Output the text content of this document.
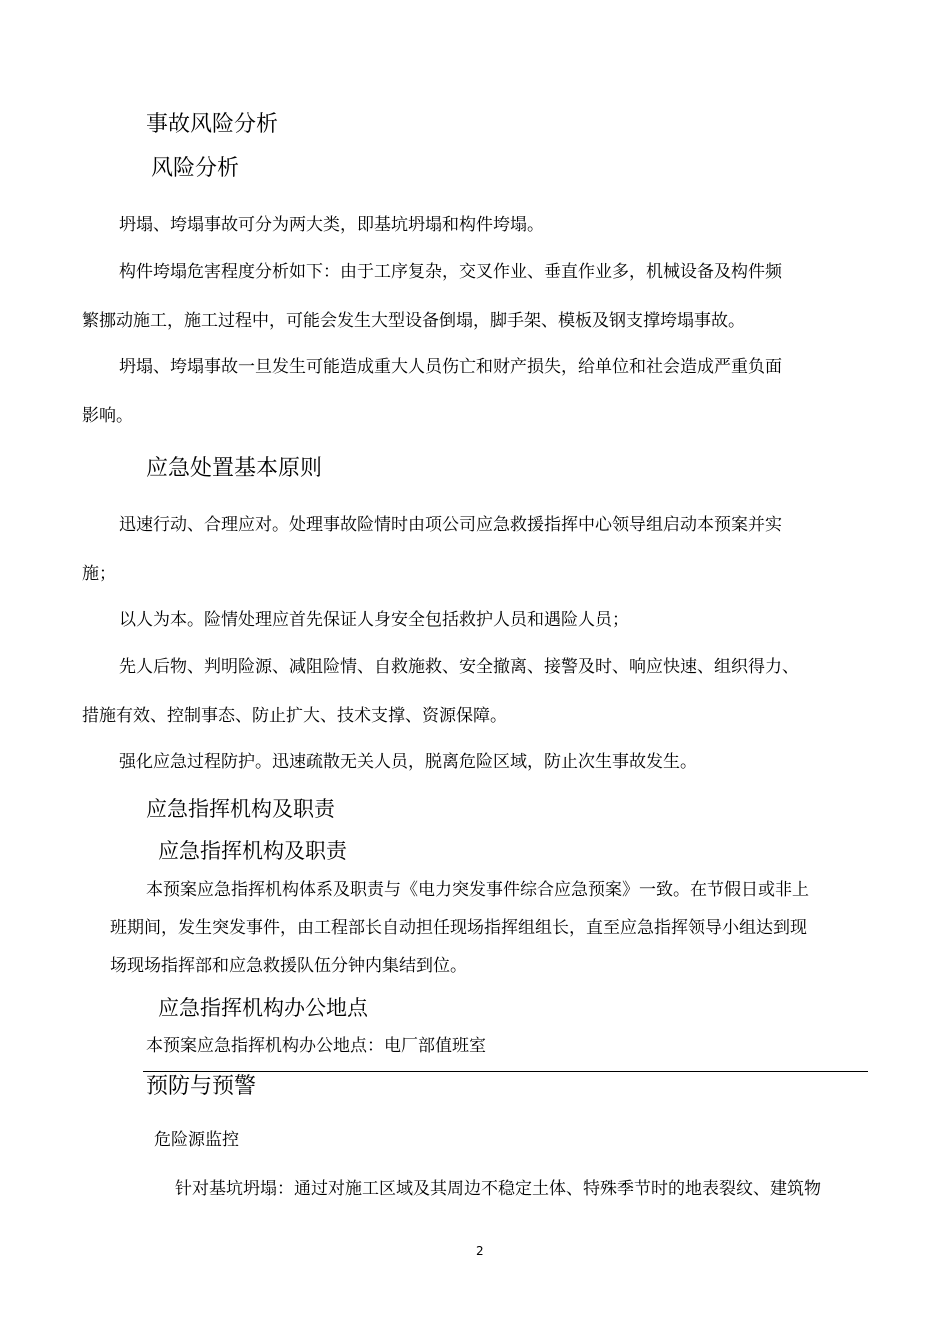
事故风险分析
风险分析
坍塌、垮塌事故可分为两大类，即基坑坍塌和构件垮塌。
构件垮塌危害程度分析如下：由于工序复杂，交叉作业、垂直作业多，机械设备及构件频
繁挪动施工，施工过程中，可能会发生大型设备倒塌，脚手架、模板及钢支撑垮塌事故。
坍塌、垮塌事故一旦发生可能造成重大人员伤亡和财产损失，给单位和社会造成严重负面
影响。
应急处置基本原则
迅速行动、合理应对。处理事故险情时由项公司应急救援指挥中心领导组启动本预案并实
施；
以人为本。险情处理应首先保证人身安全包括救护人员和遇险人员；
先人后物、判明险源、减阻险情、自救施救、安全撤离、接警及时、响应快速、组织得力、
措施有效、控制事态、防止扩大、技术支撑、资源保障。
强化应急过程防护。迅速疏散无关人员，脱离危险区域，防止次生事故发生。
应急指挥机构及职责
应急指挥机构及职责
本预案应急指挥机构体系及职责与《电力突发事件综合应急预案》一致。在节假日或非上
班期间，发生突发事件，由工程部长自动担任现场指挥组组长，直至应急指挥领导小组达到现
场现场指挥部和应急救援队伍分钟内集结到位。
应急指挥机构办公地点
本预案应急指挥机构办公地点：电厂部值班室
预防与预警
危险源监控
针对基坑坍塌：通过对施工区域及其周边不稳定土体、特殊季节时的地表裂纹、建筑物
2
